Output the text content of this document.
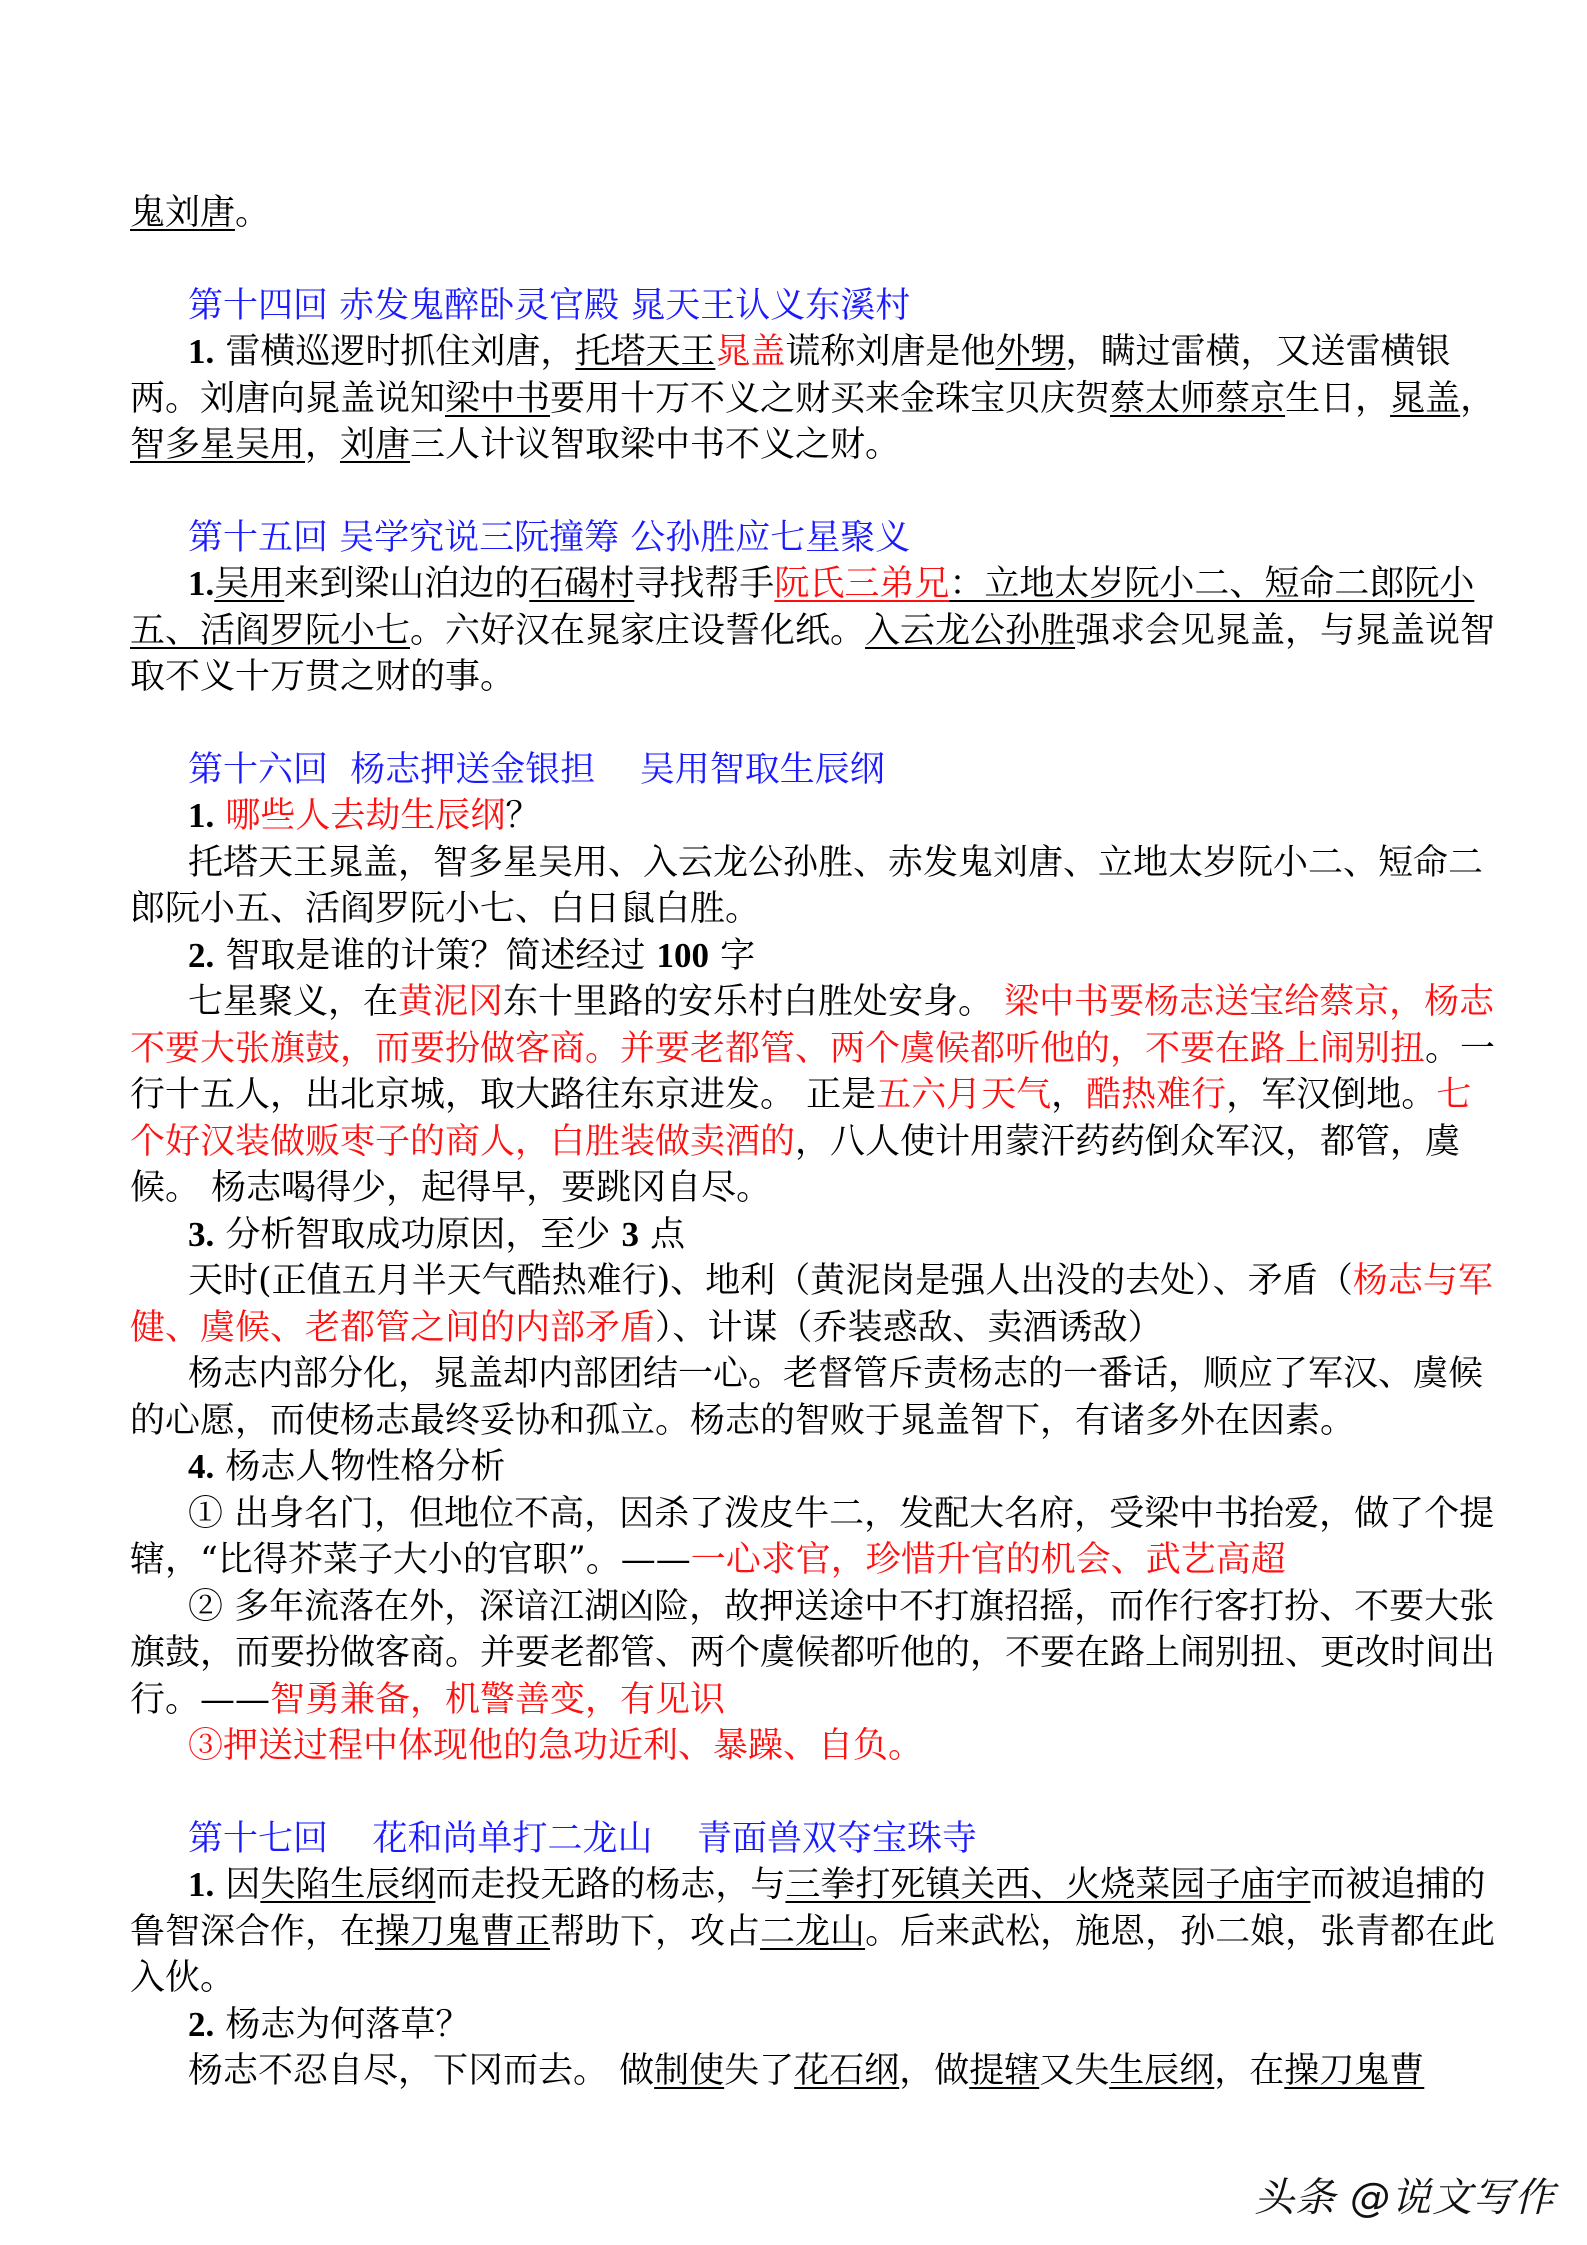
鬼刘唐。

第十四回 赤发鬼醉卧灵官殿 晁天王认义东溪村

1. 雷横巡逻时抓住刘唐，托塔天王晁盖谎称刘唐是他外甥，瞒过雷横，又送雷横银两。刘唐向晁盖说知梁中书要用十万不义之财买来金珠宝贝庆贺蔡太师蔡京生日，晁盖，智多星吴用，刘唐三人计议智取梁中书不义之财。

第十五回 吴学究说三阮撞筹 公孙胜应七星聚义

1.吴用来到梁山泊边的石碣村寻找帮手阮氏三弟兄：立地太岁阮小二、短命二郎阮小五、活阎罗阮小七。六好汉在晁家庄设誓化纸。入云龙公孙胜强求会见晁盖，与晁盖说智取不义十万贯之财的事。

第十六回  杨志押送金银担    吴用智取生辰纲

1. 哪些人去劫生辰纲？

托塔天王晁盖，智多星吴用、入云龙公孙胜、赤发鬼刘唐、立地太岁阮小二、短命二郎阮小五、活阎罗阮小七、白日鼠白胜。

2. 智取是谁的计策？简述经过 100 字

七星聚义，在黄泥冈东十里路的安乐村白胜处安身。 梁中书要杨志送宝给蔡京，杨志不要大张旗鼓，而要扮做客商。并要老都管、两个虞候都听他的，不要在路上闹别扭。一行十五人，出北京城，取大路往东京进发。 正是五六月天气，酷热难行，军汉倒地。七个好汉装做贩枣子的商人，白胜装做卖酒的，八人使计用蒙汗药药倒众军汉，都管，虞候。 杨志喝得少，起得早，要跳冈自尽。

3. 分析智取成功原因，至少 3 点

天时(正值五月半天气酷热难行)、地利（黄泥岗是强人出没的去处）、矛盾（杨志与军健、虞候、老都管之间的内部矛盾）、计谋（乔装惑敌、卖酒诱敌）

杨志内部分化，晁盖却内部团结一心。老督管斥责杨志的一番话，顺应了军汉、虞候的心愿，而使杨志最终妥协和孤立。杨志的智败于晁盖智下，有诸多外在因素。

4. 杨志人物性格分析

① 出身名门，但地位不高，因杀了泼皮牛二，发配大名府，受梁中书抬爱，做了个提辖，“比得芥菜子大小的官职”。——一心求官，珍惜升官的机会、武艺高超

② 多年流落在外，深谙江湖凶险，故押送途中不打旗招摇，而作行客打扮、不要大张旗鼓，而要扮做客商。并要老都管、两个虞候都听他的，不要在路上闹别扭、更改时间出行。——智勇兼备，机警善变，有见识

③押送过程中体现他的急功近利、暴躁、自负。

第十七回    花和尚单打二龙山    青面兽双夺宝珠寺

1. 因失陷生辰纲而走投无路的杨志，与三拳打死镇关西、火烧菜园子庙宇而被追捕的鲁智深合作，在操刀鬼曹正帮助下，攻占二龙山。后来武松，施恩，孙二娘，张青都在此入伙。

2. 杨志为何落草？

杨志不忍自尽，下冈而去。 做制使失了花石纲，做提辖又失生辰纲，在操刀鬼曹

头条 @说文写作
